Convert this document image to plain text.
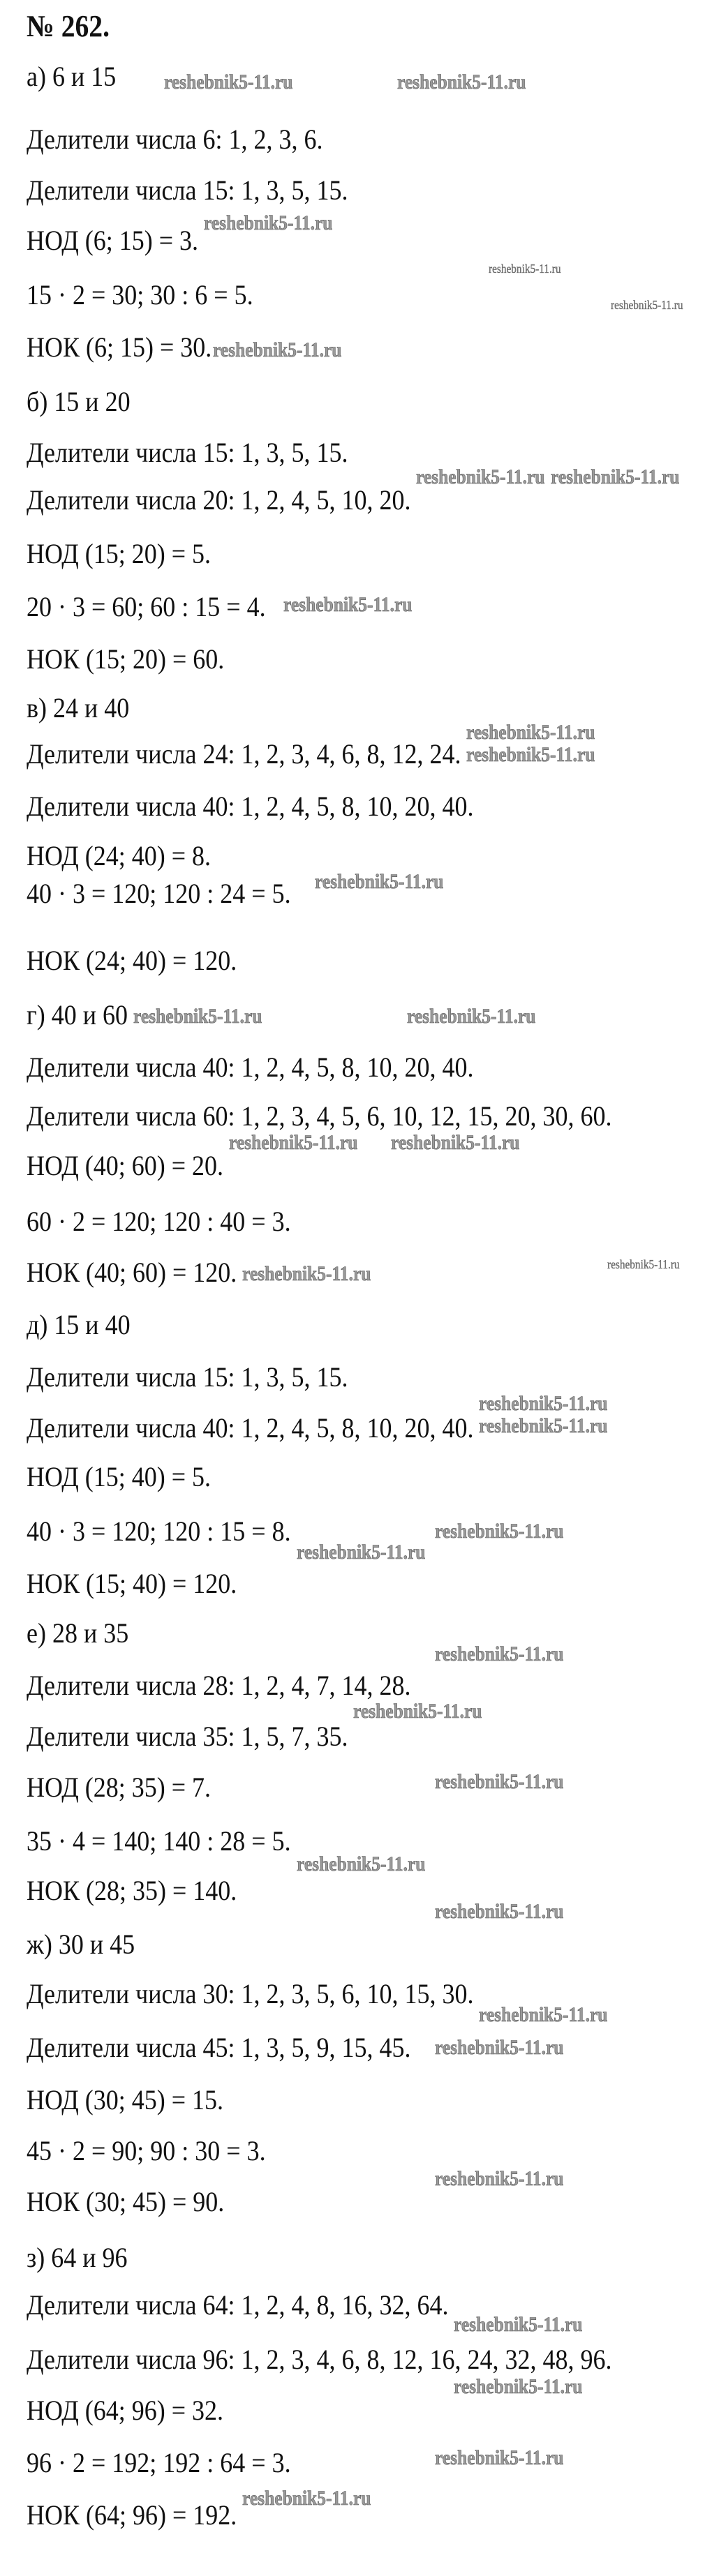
№ 262.
а) 6 и 15
Делители числа 6: 1, 2, 3, 6.
Делители числа 15: 1, 3, 5, 15.
НОД (6; 15) = 3.
15 · 2 = 30; 30 : 6 = 5.
НОК (6; 15) = 30.
б) 15 и 20
Делители числа 15: 1, 3, 5, 15.
Делители числа 20: 1, 2, 4, 5, 10, 20.
НОД (15; 20) = 5.
20 · 3 = 60; 60 : 15 = 4.
НОК (15; 20) = 60.
в) 24 и 40
Делители числа 24: 1, 2, 3, 4, 6, 8, 12, 24.
Делители числа 40: 1, 2, 4, 5, 8, 10, 20, 40.
НОД (24; 40) = 8.
40 · 3 = 120; 120 : 24 = 5.
НОК (24; 40) = 120.
г) 40 и 60
Делители числа 40: 1, 2, 4, 5, 8, 10, 20, 40.
Делители числа 60: 1, 2, 3, 4, 5, 6, 10, 12, 15, 20, 30, 60.
НОД (40; 60) = 20.
60 · 2 = 120; 120 : 40 = 3.
НОК (40; 60) = 120.
д) 15 и 40
Делители числа 15: 1, 3, 5, 15.
Делители числа 40: 1, 2, 4, 5, 8, 10, 20, 40.
НОД (15; 40) = 5.
40 · 3 = 120; 120 : 15 = 8.
НОК (15; 40) = 120.
е) 28 и 35
Делители числа 28: 1, 2, 4, 7, 14, 28.
Делители числа 35: 1, 5, 7, 35.
НОД (28; 35) = 7.
35 · 4 = 140; 140 : 28 = 5.
НОК (28; 35) = 140.
ж) 30 и 45
Делители числа 30: 1, 2, 3, 5, 6, 10, 15, 30.
Делители числа 45: 1, 3, 5, 9, 15, 45.
НОД (30; 45) = 15.
45 · 2 = 90; 90 : 30 = 3.
НОК (30; 45) = 90.
з) 64 и 96
Делители числа 64: 1, 2, 4, 8, 16, 32, 64.
Делители числа 96: 1, 2, 3, 4, 6, 8, 12, 16, 24, 32, 48, 96.
НОД (64; 96) = 32.
96 · 2 = 192; 192 : 64 = 3.
НОК (64; 96) = 192.
reshebnik5-11.ru	reshebnik5-11.ru
reshebnik5-11.ru
reshebnik5-11.ru
reshebnik5-11.ru
reshebnik5-11.ru
reshebnik5-11.ru reshebnik5-11.ru
reshebnik5-11.ru
reshebnik5-11.ru
reshebnik5-11.ru
reshebnik5-11.ru
reshebnik5-11.ru	reshebnik5-11.ru
reshebnik5-11.ru reshebnik5-11.ru
reshebnik5-11.ru	reshebnik5-11.ru
reshebnik5-11.ru
reshebnik5-11.ru
reshebnik5-11.ru
reshebnik5-11.ru
reshebnik5-11.ru
reshebnik5-11.ru
reshebnik5-11.ru
reshebnik5-11.ru
reshebnik5-11.ru
reshebnik5-11.ru
reshebnik5-11.ru
reshebnik5-11.ru
reshebnik5-11.ru
reshebnik5-11.ru
reshebnik5-11.ru
reshebnik5-11.ru
